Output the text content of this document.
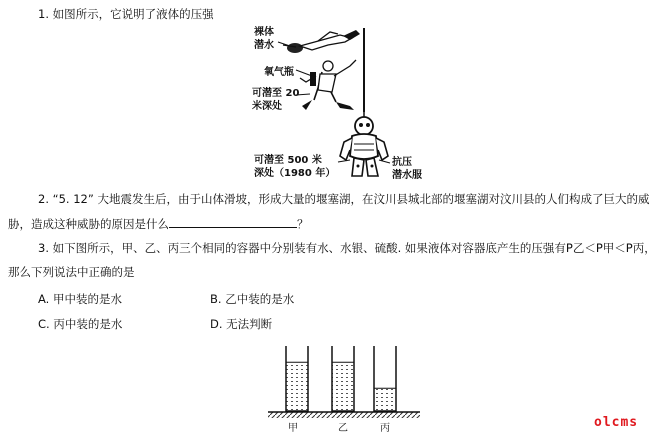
1. 如图所示，它说明了液体的压强
裸体
潜水
氧气瓶
可潜至 20
米深处
可潜至 500 米
深处（1980 年）
抗压
潜水服
2. “5. 12” 大地震发生后，由于山体滑坡，形成大量的堰塞湖，在汶川县城北部的堰塞湖对汶川县的人们构成了巨大的威
胁，造成这种威胁的原因是什么	？
3. 如下图所示，甲、乙、丙三个相同的容器中分别装有水、水银、硫酸. 如果液体对容器底产生的压强有P乙＜P甲＜P丙，
那么下列说法中正确的是
A. 甲中装的是水	B. 乙中装的是水
C. 丙中装的是水	D. 无法判断
甲	乙	丙	olcms
